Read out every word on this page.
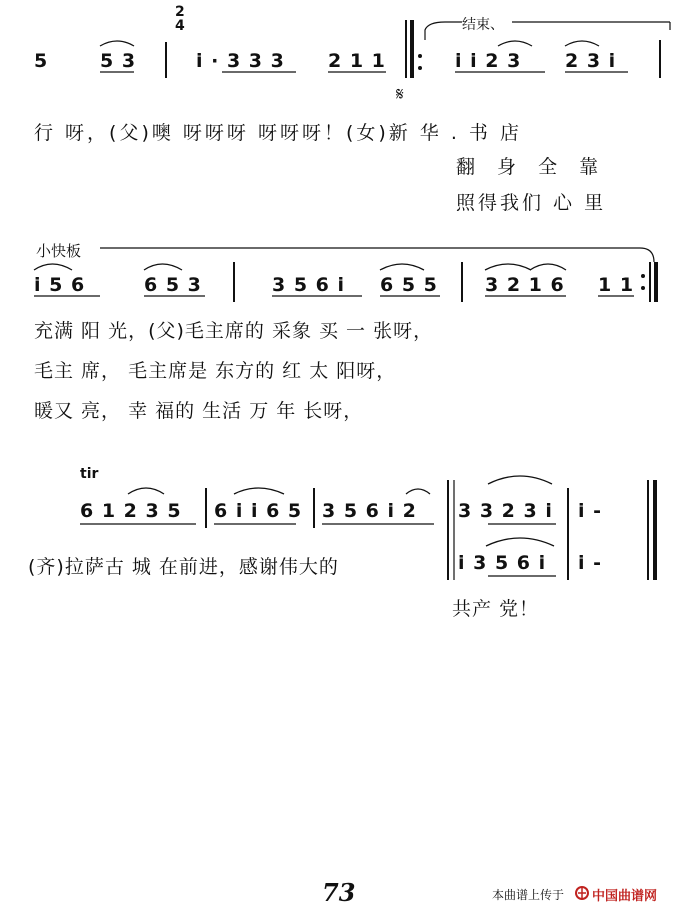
2
4	结束、
𝄋
5	5 3	i · 3 3 3 2 1 1	i i 2 3 2 3 i
行 呀，(父)噢 呀呀呀 呀呀呀！(女)新 华 . 书 店
翻 身 全 靠
照得我们 心 里
小快板
i 5 6	6 5 3	3 5 6 i 6 5 5 3 2 1 6 1 1
充满 阳 光，(父)毛主席的 采象 买 一 张呀，
毛主 席， 毛主席是 东方的 红 太 阳呀，
暖又 亮， 幸 福的 生活 万 年 长呀，
tir
6 1 2 3 5 6 i i 6 5 3 5 6 i 2 3 3 2 3 i i -
i 3 5 6 i i -
(齐)拉萨古 城 在前进，感谢伟大的
共产 党！
73	本曲谱上传于 中国曲谱网
